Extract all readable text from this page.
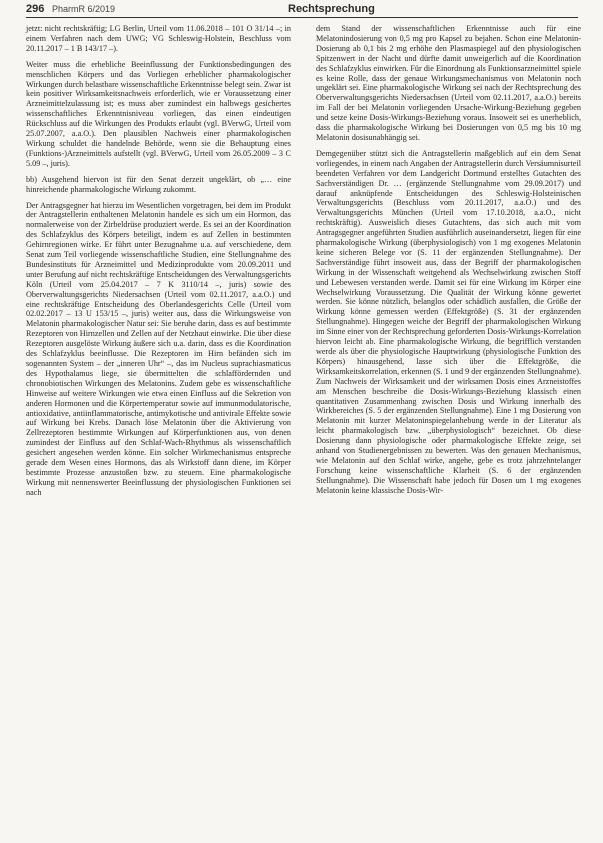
296 PharmR 6/2019	Rechtsprechung

jetzt: nicht rechtskräftig; LG Berlin, Urteil vom 11.06.2018 – 101 O 31/14 –; in einem Verfahren nach dem UWG; VG Schleswig-Holstein, Beschluss vom 20.11.2017 – 1 B 143/17 –).

Weiter muss die erhebliche Beeinflussung der Funktionsbedingungen des menschlichen Körpers und das Vorliegen erheblicher pharmakologischer Wirkungen durch belastbare wissenschaftliche Erkenntnisse belegt sein. Zwar ist kein positiver Wirksamkeitsnachweis erforderlich, wie er Voraussetzung einer Arzneimittelzulassung ist; es muss aber zumindest ein halbwegs gesichertes wissenschaftliches Erkenntnisniveau vorliegen, das einen eindeutigen Rückschluss auf die Wirkungen des Produkts erlaubt (vgl. BVerwG, Urteil vom 25.07.2007, a.a.O.). Den plausiblen Nachweis einer pharmakologischen Wirkung schuldet die handelnde Behörde, wenn sie die Behauptung eines (Funktions-)Arzneimittels aufstellt (vgl. BVerwG, Urteil vom 26.05.2009 – 3 C 5.09 –, juris).

bb) Ausgehend hiervon ist für den Senat derzeit ungeklärt, ob „… eine hinreichende pharmakologische Wirkung zukommt.

Der Antragsgegner hat hierzu im Wesentlichen vorgetragen, bei dem im Produkt der Antragstellerin enthaltenen Melatonin handele es sich um ein Hormon, das normalerweise von der Zirbeldrüse produziert werde. Es sei an der Koordination des Schlafzyklus des Körpers beteiligt, indem es auf Zellen in bestimmten Gehirnregionen wirke. Er führt unter Bezugnahme u.a. auf verschiedene, dem Senat zum Teil vorliegende wissenschaftliche Studien, eine Stellungnahme des Bundesinstituts für Arzneimittel und Medizinprodukte vom 20.09.2011 und unter Berufung auf nicht rechtskräftige Entscheidungen des Verwaltungsgerichts Köln (Urteil vom 25.04.2017 – 7 K 3110/14 –, juris) sowie des Oberverwaltungsgerichts Niedersachsen (Urteil vom 02.11.2017, a.a.O.) und eine rechtskräftige Entscheidung des Oberlandesgerichts Celle (Urteil vom 02.02.2017 – 13 U 153/15 –, juris) weiter aus, dass die Wirkungsweise von Melatonin pharmakologischer Natur sei: Sie beruhe darin, dass es auf bestimmte Rezeptoren von Hirnzellen und Zellen auf der Netzhaut einwirke. Die über diese Rezeptoren ausgelöste Wirkung äußere sich u.a. darin, dass es die Koordination des Schlafzyklus beeinflusse. Die Rezeptoren im Hirn befänden sich im sogenannten System – der „inneren Uhr“ –, das im Nucleus suprachiasmaticus des Hypothalamus liege, sie übermittelten die schlaffördernden und chronobiotischen Wirkungen des Melatonins. Zudem gebe es wissenschaftliche Hinweise auf weitere Wirkungen wie etwa einen Einfluss auf die Sekretion von anderen Hormonen und die Körpertemperatur sowie auf immunmodulatorische, antioxidative, antiinflammatorische, antimykotische und antivirale Effekte sowie auf Wirkung bei Krebs. Danach löse Melatonin über die Aktivierung von Zellrezeptoren bestimmte Wirkungen auf Körperfunktionen aus, von denen zumindest der Einfluss auf den Schlaf-Wach-Rhythmus als wissenschaftlich gesichert angesehen werden könne. Ein solcher Wirkmechanismus entspreche gerade dem Wesen eines Hormons, das als Wirkstoff dann diene, im Körper bestimmte Prozesse anzustoßen bzw. zu steuern. Eine pharmakologische Wirkung mit nennenswerter Beeinflussung der physiologischen Funktionen sei nach

dem Stand der wissenschaftlichen Erkenntnisse auch für eine Melatonindosierung von 0,5 mg pro Kapsel zu bejahen. Schon eine Melatonin-Dosierung ab 0,1 bis 2 mg erhöhe den Plasmaspiegel auf den physiologischen Spitzenwert in der Nacht und dürfte damit unweigerlich auf die Koordination des Schlafzyklus einwirken. Für die Einordnung als Funktionsarzneimittel spiele es keine Rolle, dass der genaue Wirkungsmechanismus von Melatonin noch ungeklärt sei. Eine pharmakologische Wirkung sei nach der Rechtsprechung des Oberverwaltungsgerichts Niedersachsen (Urteil vom 02.11.2017, a.a.O.) bereits im Fall der bei Melatonin vorliegenden Ursache-Wirkung-Beziehung gegeben und setze keine Dosis-Wirkungs-Beziehung voraus. Insoweit sei es unerheblich, dass die pharmakologische Wirkung bei Dosierungen von 0,5 mg bis 10 mg Melatonin dosisunabhängig sei.

Demgegenüber stützt sich die Antragstellerin maßgeblich auf ein dem Senat vorliegendes, in einem nach Angaben der Antragstellerin durch Versäumnisurteil beendeten Verfahren vor dem Landgericht Dortmund erstelltes Gutachten des Sachverständigen Dr. … (ergänzende Stellungnahme vom 29.09.2017) und darauf anknüpfende Entscheidungen des Schleswig-Holsteinischen Verwaltungsgerichts (Beschluss vom 20.11.2017, a.a.O.) und des Verwaltungsgerichts München (Urteil vom 17.10.2018, a.a.O., nicht rechtskräftig). Ausweislich dieses Gutachtens, das sich auch mit vom Antragsgegner angeführten Studien ausführlich auseinandersetzt, liegen für eine pharmakologische Wirkung (überphysiologisch) von 1 mg exogenes Melatonin keine sicheren Belege vor (S. 11 der ergänzenden Stellungnahme). Der Sachverständige führt insoweit aus, dass der Begriff der pharmakologischen Wirkung in der Wissenschaft weitgehend als Wechselwirkung zwischen Stoff und Lebewesen verstanden werde. Damit sei für eine Wirkung im Körper eine Wechselwirkung Voraussetzung. Die Qualität der Wirkung könne gewertet werden. Sie könne nützlich, belanglos oder schädlich ausfallen, die Größe der Wirkung könne gemessen werden (Effektgröße) (S. 31 der ergänzenden Stellungnahme). Hingegen weiche der Begriff der pharmakologischen Wirkung im Sinne einer von der Rechtsprechung geforderten Dosis-Wirkungs-Korrelation hiervon leicht ab. Eine pharmakologische Wirkung, die begrifflich verstanden werde als über die physiologische Hauptwirkung (physiologische Funktion des Körpers) hinausgehend, lasse sich über die Effektgröße, die Wirksamkeitskorrelation, erkennen (S. 1 und 9 der ergänzenden Stellungnahme). Zum Nachweis der Wirksamkeit und der wirksamen Dosis eines Arzneistoffes am Menschen beschreibe die Dosis-Wirkungs-Beziehung klassisch einen quantitativen Zusammenhang zwischen Dosis und Wirkung innerhalb des Wirkbereiches (S. 5 der ergänzenden Stellungnahme). Eine 1 mg Dosierung von Melatonin mit kurzer Melatoninspiegelanhebung werde in der Literatur als leicht pharmakologisch bzw. „überphysiologisch“ bezeichnet. Ob diese Dosierung dann physiologische oder pharmakologische Effekte zeige, sei anhand von Studienergebnissen zu bewerten. Was den genauen Mechanismus, wie Melatonin auf den Schlaf wirke, angehe, gebe es trotz jahrzehntelanger Forschung keine wissenschaftliche Klarheit (S. 6 der ergänzenden Stellungnahme). Die Wissenschaft habe jedoch für Dosen um 1 mg exogenes Melatonin keine klassische Dosis-Wir-
